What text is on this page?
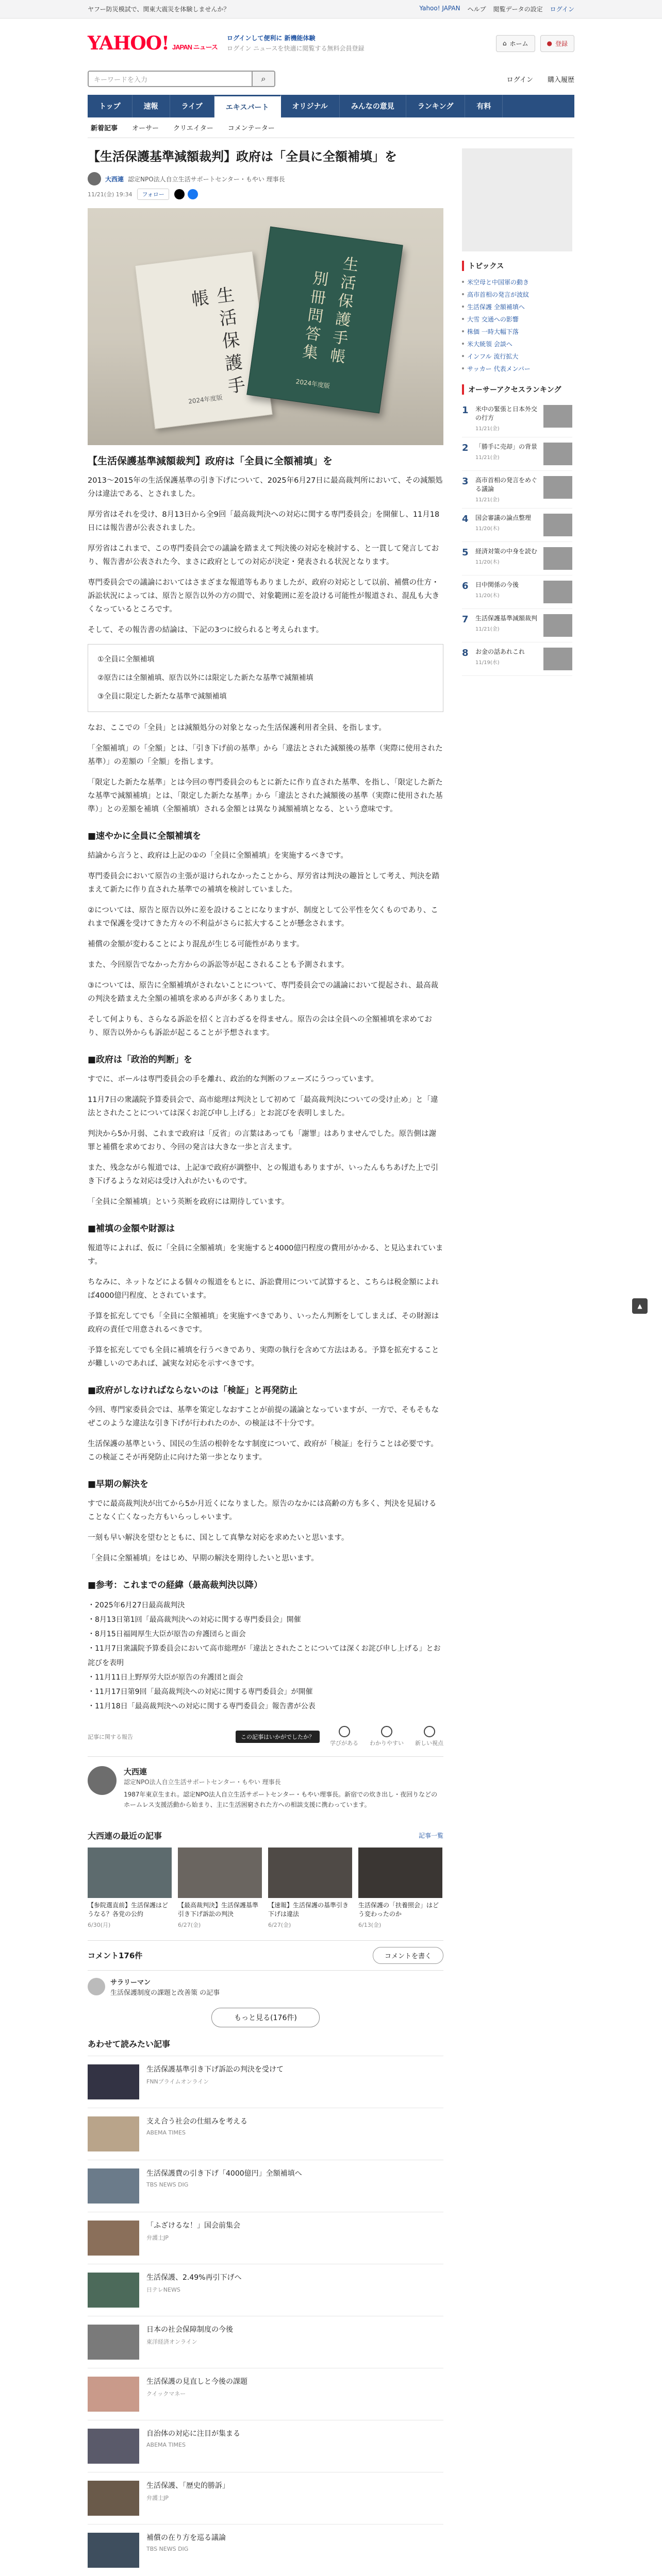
ヤフー防災模試で、関東大震災を体験しませんか？	Yahoo! JAPAN ヘルプ 閲覧データの設定 ログイン
YAHOO! JAPAN ニュース
ログインして便利に 新機能体験
ログイン ニュースを快適に閲覧する無料会員登録
⌂ ホーム	● 登録
キーワードを入力	⌕	ログイン 購入履歴
トップ	速報	ライブ	エキスパート	オリジナル	みんなの意見	ランキング	有料
新着記事 オーサー クリエイター コメンテーター
【生活保護基準減額裁判】政府は「全員に全額補填」を
大西連 認定NPO法人自立生活サポートセンター・もやい 理事長
11/21(金) 19:34	フォロー
生活保護手帳
2024年度版
生活保護手帳
別冊問答集
2024年度版
【生活保護基準減額裁判】政府は「全員に全額補填」を

2013〜2015年の生活保護基準の引き下げについて、2025年6月27日に最高裁判所において、その減額処分は違法である、とされました。

厚労省はそれを受け、8月13日から全9回「最高裁判決への対応に関する専門委員会」を開催し、11月18日には報告書が公表されました。

厚労省はこれまで、この専門委員会での議論を踏まえて判決後の対応を検討する、と一貫して発言しており、報告書が公表された今、まさに政府としての対応が決定・発表される状況となります。

専門委員会での議論においてはさまざまな報道等もありましたが、政府の対応として以前、補償の仕方・訴訟状況によっては、原告と原告以外の方の間で、対象範囲に差を設ける可能性が報道され、混乱も大きくなっているところです。

そして、その報告書の結論は、下記の3つに絞られると考えられます。

①全員に全額補填
②原告には全額補填、原告以外には限定した新たな基準で減額補填
③全員に限定した新たな基準で減額補填

なお、ここでの「全員」とは減額処分の対象となった生活保護利用者全員、を指します。

「全額補填」の「全額」とは、「引き下げ前の基準」から「違法とされた減額後の基準（実際に使用された基準）」の差額の「全額」を指します。

「限定した新たな基準」とは今回の専門委員会のもとに新たに作り直された基準、を指し、「限定した新たな基準で減額補填」とは、「限定した新たな基準」から「違法とされた減額後の基準（実際に使用された基準）」との差額を補填（全額補填）される金額とは異なり減額補填となる、という意味です。

■速やかに全員に全額補填を

結論から言うと、政府は上記の①の「全員に全額補填」を実施するべきです。

専門委員会において原告の主張が退けられなかったことから、厚労省は判決の趣旨として考え、判決を踏まえて新たに作り直された基準での補填を検討していました。

②については、原告と原告以外に差を設けることになりますが、制度として公平性を欠くものであり、これまで保護を受けてきた方々の不利益がさらに拡大することが懸念されます。

補償の金額が変わることにより混乱が生じる可能性があります。

また、今回原告でなかった方からの訴訟等が起こされることも予測されます。

③については、原告に全額補填がされないことについて、専門委員会での議論において提起され、最高裁の判決を踏まえた全額の補填を求める声が多くありました。

そして何よりも、さらなる訴訟を招くと言わざるを得ません。原告の会は全員への全額補填を求めており、原告以外からも訴訟が起こることが予想されます。

■政府は「政治的判断」を

すでに、ボールは専門委員会の手を離れ、政治的な判断のフェーズにうつっています。

11月7日の衆議院予算委員会で、高市総理は判決として初めて「最高裁判決についての受け止め」と「違法とされたことについては深くお詫び申し上げる」とお詫びを表明しました。

判決から5か月弱、これまで政府は「反省」の言葉はあっても「謝罪」はありませんでした。原告側は謝罪と補償を求めており、今回の発言は大きな一歩と言えます。

また、残念ながら報道では、上記③で政府が調整中、との報道もありますが、いったんもちあげた上で引き下げるような対応は受け入れがたいものです。

「全員に全額補填」という英断を政府には期待しています。

■補填の金額や財源は

報道等によれば、仮に「全員に全額補填」を実施すると4000億円程度の費用がかかる、と見込まれています。

ちなみに、ネットなどによる個々の報道をもとに、訴訟費用について試算すると、こちらは税金額によれば4000億円程度、とされています。

予算を拡充してでも「全員に全額補填」を実施すべきであり、いったん判断をしてしまえば、その財源は政府の責任で用意されるべきです。

予算を拡充してでも全員に補填を行うべきであり、実際の執行を含めて方法はある。予算を拡充することが難しいのであれば、誠実な対応を示すべきです。

■政府がしなければならないのは「検証」と再発防止

今回、専門家委員会では、基準を策定しなおすことが前提の議論となっていますが、一方で、そもそもなぜこのような違法な引き下げが行われたのか、の検証は不十分です。

生活保護の基準という、国民の生活の根幹をなす制度について、政府が「検証」を行うことは必要です。この検証こそが再発防止に向けた第一歩となります。

■早期の解決を

すでに最高裁判決が出てから5か月近くになりました。原告のなかには高齢の方も多く、判決を見届けることなく亡くなった方もいらっしゃいます。

一刻も早い解決を望むとともに、国として真摯な対応を求めたいと思います。

「全員に全額補填」をはじめ、早期の解決を期待したいと思います。

■参考：これまでの経緯（最高裁判決以降）
・2025年6月27日最高裁判決
・8月13日第1回「最高裁判決への対応に関する専門委員会」開催
・8月15日福岡厚生大臣が原告の弁護団らと面会
・11月7日衆議院予算委員会において高市総理が「違法とされたことについては深くお詫び申し上げる」とお詫びを表明
・11月11日上野厚労大臣が原告の弁護団と面会
・11月17日第9回「最高裁判決への対応に関する専門委員会」が開催
・11月18日「最高裁判決への対応に関する専門委員会」報告書が公表
記事に関する報告	この記事はいかがでしたか？
学びがある わかりやすい 新しい視点
大西連
認定NPO法人自立生活サポートセンター・もやい 理事長
1987年東京生まれ。認定NPO法人自立生活サポートセンター・もやい理事長。新宿での炊き出し・夜回りなどのホームレス支援活動から始まり、主に生活困窮された方への相談支援に携わっています。
大西連の最近の記事	記事一覧
【参院選直前】生活保護はどうなる？各党の公約
6/30(月)
【最高裁判決】生活保護基準引き下げ訴訟の判決
6/27(金)
【速報】生活保護の基準引き下げは違法
6/27(金)
生活保護の「扶養照会」はどう変わったのか
6/13(金)
コメント176件	コメントを書く
サラリーマン
生活保護制度の課題と改善策 の記事
もっと見る(176件)
あわせて読みたい記事
生活保護基準引き下げ訴訟の判決を受けて
FNNプライムオンライン
支え合う社会の仕組みを考える
ABEMA TIMES
生活保護費の引き下げ「4000億円」全額補填へ
TBS NEWS DIG
「ふざけるな！」国会前集会
弁護士JP
生活保護、2.49%再引下げへ
日テレNEWS
日本の社会保障制度の今後
東洋経済オンライン
生活保護の見直しと今後の課題
クイックマネー
自治体の対応に注目が集まる
ABEMA TIMES
生活保護、「歴史的勝訴」
弁護士JP
補償の在り方を巡る議論
TBS NEWS DIG
トピックス
米空母と中国軍の動き
高市首相の発言が波紋
生活保護 全額補填へ
大雪 交通への影響
株価 一時大幅下落
米大統領 会談へ
インフル 流行拡大
サッカー 代表メンバー
オーサーアクセスランキング
1	米中の緊張と日本外交の行方
11/21(金)
2	「勝手に売却」の背景
11/21(金)
3	高市首相の発言をめぐる議論
11/21(金)
4	国会審議の論点整理
11/20(木)
5	経済対策の中身を読む
11/20(木)
6	日中関係の今後
11/20(木)
7	生活保護基準減額裁判
11/21(金)
8	お金の話あれこれ
11/19(水)
▲
